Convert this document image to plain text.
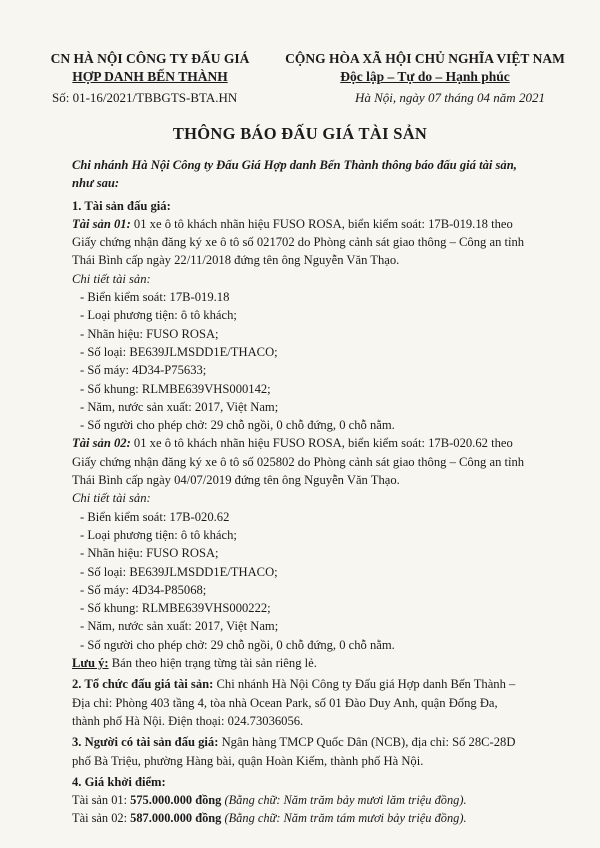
CN HÀ NỘI CÔNG TY ĐẤU GIÁ
HỢP DANH BẾN THÀNH
CỘNG HÒA XÃ HỘI CHỦ NGHĨA VIỆT NAM
Độc lập – Tự do – Hạnh phúc
Số: 01-16/2021/TBBGTS-BTA.HN	Hà Nội, ngày 07 tháng 04 năm 2021
THÔNG BÁO ĐẤU GIÁ TÀI SẢN
Chi nhánh Hà Nội Công ty Đấu Giá Hợp danh Bến Thành thông báo đấu giá tài sản,
như sau:
1. Tài sản đấu giá:
Tài sản 01: 01 xe ô tô khách nhãn hiệu FUSO ROSA, biển kiểm soát: 17B-019.18 theo
Giấy chứng nhận đăng ký xe ô tô số 021702 do Phòng cảnh sát giao thông – Công an tỉnh
Thái Bình cấp ngày 22/11/2018 đứng tên ông Nguyễn Văn Thạo.
Chi tiết tài sản:
- Biển kiểm soát: 17B-019.18
- Loại phương tiện: ô tô khách;
- Nhãn hiệu: FUSO ROSA;
- Số loại: BE639JLMSDD1E/THACO;
- Số máy: 4D34-P75633;
- Số khung: RLMBE639VHS000142;
- Năm, nước sản xuất: 2017, Việt Nam;
- Số người cho phép chở: 29 chỗ ngồi, 0 chỗ đứng, 0 chỗ nằm.
Tài sản 02: 01 xe ô tô khách nhãn hiệu FUSO ROSA, biển kiểm soát: 17B-020.62 theo
Giấy chứng nhận đăng ký xe ô tô số 025802 do Phòng cảnh sát giao thông – Công an tỉnh
Thái Bình cấp ngày 04/07/2019 đứng tên ông Nguyễn Văn Thạo.
Chi tiết tài sản:
- Biển kiểm soát: 17B-020.62
- Loại phương tiện: ô tô khách;
- Nhãn hiệu: FUSO ROSA;
- Số loại: BE639JLMSDD1E/THACO;
- Số máy: 4D34-P85068;
- Số khung: RLMBE639VHS000222;
- Năm, nước sản xuất: 2017, Việt Nam;
- Số người cho phép chở: 29 chỗ ngồi, 0 chỗ đứng, 0 chỗ nằm.
Lưu ý: Bán theo hiện trạng từng tài sản riêng lẻ.
2. Tổ chức đấu giá tài sản: Chi nhánh Hà Nội Công ty Đấu giá Hợp danh Bến Thành –
Địa chỉ: Phòng 403 tầng 4, tòa nhà Ocean Park, số 01 Đào Duy Anh, quận Đống Đa,
thành phố Hà Nội. Điện thoại: 024.73036056.
3. Người có tài sản đấu giá: Ngân hàng TMCP Quốc Dân (NCB), địa chỉ: Số 28C-28D
phố Bà Triệu, phường Hàng bài, quận Hoàn Kiếm, thành phố Hà Nội.
4. Giá khởi điểm:
Tài sản 01: 575.000.000 đồng (Bằng chữ: Năm trăm bảy mươi lăm triệu đồng).
Tài sản 02: 587.000.000 đồng (Bằng chữ: Năm trăm tám mươi bảy triệu đồng).
